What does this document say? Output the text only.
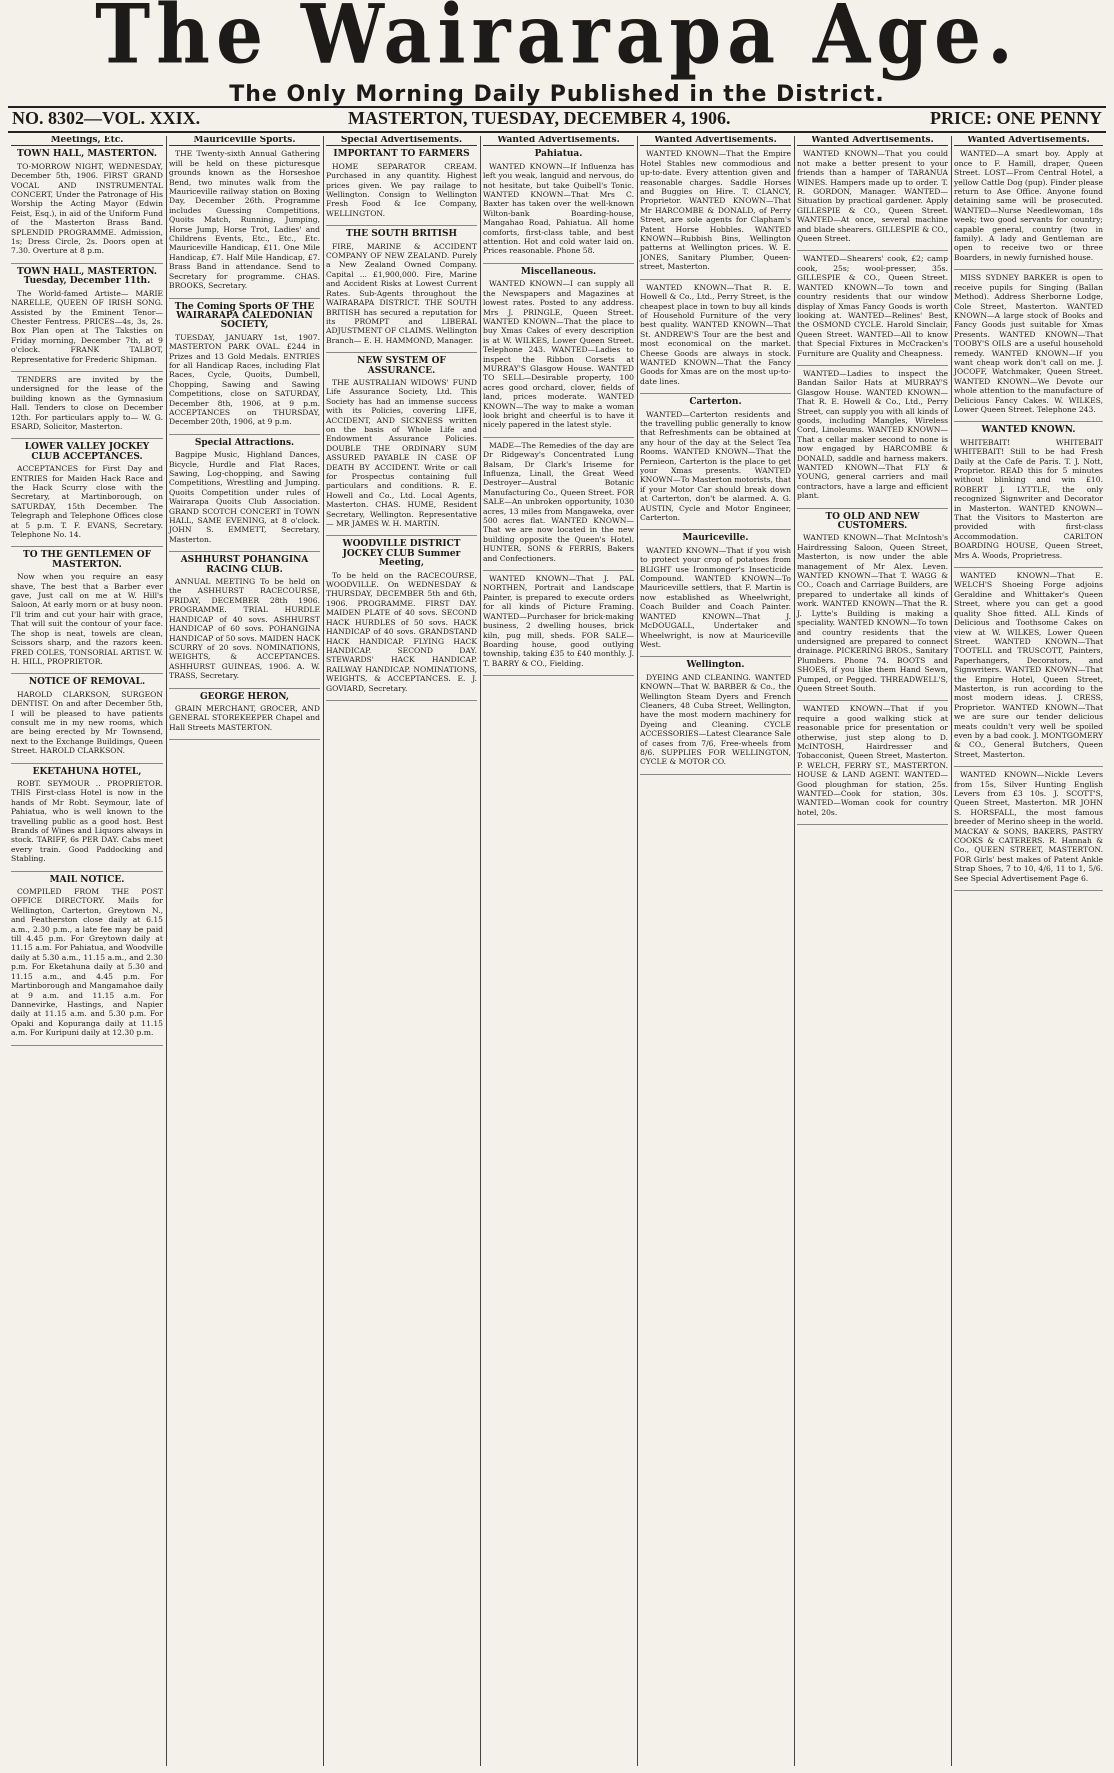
The Wairarapa Age.
The Only Morning Daily Published in the District.
NO. 8302—VOL. XXIX.	MASTERTON, TUESDAY, DECEMBER 4, 1906.	PRICE: ONE PENNY
Meetings, Etc.
TOWN HALL, MASTERTON.

TO-MORROW NIGHT, WEDNESDAY, December 5th, 1906. FIRST GRAND VOCAL AND INSTRUMENTAL CONCERT, Under the Patronage of His Worship the Acting Mayor (Edwin Feist, Esq.), in aid of the Uniform Fund of the Masterton Brass Band. SPLENDID PROGRAMME. Admission, 1s; Dress Circle, 2s. Doors open at 7.30. Overture at 8 p.m.

TOWN HALL, MASTERTON. Tuesday, December 11th.

The World-famed Artiste— MARIE NARELLE, QUEEN OF IRISH SONG. Assisted by the Eminent Tenor— Chester Fentress. PRICES—4s, 3s, 2s. Box Plan open at The Taksties on Friday morning, December 7th, at 9 o'clock. FRANK TALBOT, Representative for Frederic Shipman.

TENDERS are invited by the undersigned for the lease of the building known as the Gymnasium Hall. Tenders to close on December 12th. For particulars apply to— W. G. ESARD, Solicitor, Masterton.

LOWER VALLEY JOCKEY CLUB ACCEPTANCES.

ACCEPTANCES for First Day and ENTRIES for Maiden Hack Race and the Hack Scurry close with the Secretary, at Martinborough, on SATURDAY, 15th December. The Telegraph and Telephone Offices close at 5 p.m. T. F. EVANS, Secretary. Telephone No. 14.

TO THE GENTLEMEN OF MASTERTON.

Now when you require an easy shave, The best that a Barber ever gave, Just call on me at W. Hill's Saloon, At early morn or at busy noon. I'll trim and cut your hair with grace, That will suit the contour of your face. The shop is neat, towels are clean, Scissors sharp, and the razors keen. FRED COLES, TONSORIAL ARTIST. W. H. HILL, PROPRIETOR.

NOTICE OF REMOVAL.

HAROLD CLARKSON, SURGEON DENTIST. On and after December 5th, I will be pleased to have patients consult me in my new rooms, which are being erected by Mr Townsend, next to the Exchange Buildings, Queen Street. HAROLD CLARKSON.

EKETAHUNA HOTEL,

ROBT. SEYMOUR .. PROPRIETOR. THIS First-class Hotel is now in the hands of Mr Robt. Seymour, late of Pahiatua, who is well known to the travelling public as a good host. Best Brands of Wines and Liquors always in stock. TARIFF, 6s PER DAY. Cabs meet every train. Good Paddocking and Stabling.

MAIL NOTICE.

COMPILED FROM THE POST OFFICE DIRECTORY. Mails for Wellington, Carterton, Greytown N., and Featherston close daily at 6.15 a.m., 2.30 p.m., a late fee may be paid till 4.45 p.m. For Greytown daily at 11.15 a.m. For Pahiatua, and Woodville daily at 5.30 a.m., 11.15 a.m., and 2.30 p.m. For Eketahuna daily at 5.30 and 11.15 a.m., and 4.45 p.m. For Martinborough and Mangamahoe daily at 9 a.m. and 11.15 a.m. For Dannevirke, Hastings, and Napier daily at 11.15 a.m. and 5.30 p.m. For Opaki and Kopuranga daily at 11.15 a.m. For Kuripuni daily at 12.30 p.m.

Mauriceville Sports.

THE Twenty-sixth Annual Gathering will be held on these picturesque grounds known as the Horseshoe Bend, two minutes walk from the Mauriceville railway station on Boxing Day, December 26th. Programme includes Guessing Competitions, Quoits Match, Running, Jumping, Horse Jump, Horse Trot, Ladies' and Childrens Events, Etc., Etc., Etc. Mauriceville Handicap, £11. One Mile Handicap, £7. Half Mile Handicap, £7. Brass Band in attendance. Send to Secretary for programme. CHAS. BROOKS, Secretary.

The Coming Sports OF THE WAIRARAPA CALEDONIAN SOCIETY,

TUESDAY, JANUARY 1st, 1907. MASTERTON PARK OVAL. £244 in Prizes and 13 Gold Medals. ENTRIES for all Handicap Races, including Flat Races, Cycle, Quoits, Dumbell, Chopping, Sawing and Sawing Competitions, close on SATURDAY, December 8th, 1906, at 9 p.m. ACCEPTANCES on THURSDAY, December 20th, 1906, at 9 p.m.

Special Attractions.

Bagpipe Music, Highland Dances, Bicycle, Hurdle and Flat Races, Sawing, Log-chopping, and Sawing Competitions, Wrestling and Jumping. Quoits Competition under rules of Wairarapa Quoits Club Association. GRAND SCOTCH CONCERT in TOWN HALL, SAME EVENING, at 8 o'clock. JOHN S. EMMETT, Secretary, Masterton.

ASHHURST POHANGINA RACING CLUB.

ANNUAL MEETING To be held on the ASHHURST RACECOURSE, FRIDAY, DECEMBER 28th 1906. PROGRAMME. TRIAL HURDLE HANDICAP of 40 sovs. ASHHURST HANDICAP of 60 sovs. POHANGINA HANDICAP of 50 sovs. MAIDEN HACK SCURRY of 20 sovs. NOMINATIONS, WEIGHTS, & ACCEPTANCES. ASHHURST GUINEAS, 1906. A. W. TRASS, Secretary.

GEORGE HERON,

GRAIN MERCHANT, GROCER, AND GENERAL STOREKEEPER Chapel and Hall Streets MASTERTON.

Special Advertisements.
IMPORTANT TO FARMERS

HOME SEPARATOR CREAM. Purchased in any quantity. Highest prices given. We pay railage to Wellington. Consign to Wellington Fresh Food & Ice Company, WELLINGTON.

THE SOUTH BRITISH

FIRE, MARINE & ACCIDENT COMPANY OF NEW ZEALAND. Purely a New Zealand Owned Company. Capital ... £1,900,000. Fire, Marine and Accident Risks at Lowest Current Rates. Sub-Agents throughout the WAIRARAPA DISTRICT. THE SOUTH BRITISH has secured a reputation for its PROMPT and LIBERAL ADJUSTMENT OF CLAIMS. Wellington Branch— E. H. HAMMOND, Manager.

NEW SYSTEM OF ASSURANCE.

THE AUSTRALIAN WIDOWS' FUND Life Assurance Society, Ltd. This Society has had an immense success with its Policies, covering LIFE, ACCIDENT, AND SICKNESS written on the basis of Whole Life and Endowment Assurance Policies. DOUBLE THE ORDINARY SUM ASSURED PAYABLE IN CASE OF DEATH BY ACCIDENT. Write or call for Prospectus containing full particulars and conditions. R. E. Howell and Co., Ltd. Local Agents, Masterton. CHAS. HUME, Resident Secretary, Wellington. Representative— MR JAMES W. H. MARTIN.

WOODVILLE DISTRICT JOCKEY CLUB Summer Meeting,

To be held on the RACECOURSE, WOODVILLE. On WEDNESDAY & THURSDAY, DECEMBER 5th and 6th, 1906. PROGRAMME. FIRST DAY. MAIDEN PLATE of 40 sovs. SECOND HACK HURDLES of 50 sovs. HACK HANDICAP of 40 sovs. GRANDSTAND HACK HANDICAP. FLYING HACK HANDICAP. SECOND DAY. STEWARDS' HACK HANDICAP. RAILWAY HANDICAP. NOMINATIONS, WEIGHTS, & ACCEPTANCES. E. J. GOVIARD, Secretary.

Wanted Advertisements.
Pahiatua.

WANTED KNOWN—If Influenza has left you weak, languid and nervous, do not hesitate, but take Quibell's Tonic. WANTED KNOWN—That Mrs C. Baxter has taken over the well-known Wilton-bank Boarding-house, Mangahao Road, Pahiatua. All home comforts, first-class table, and best attention. Hot and cold water laid on. Prices reasonable. Phone 58.

Miscellaneous.

WANTED KNOWN—I can supply all the Newspapers and Magazines at lowest rates. Posted to any address. Mrs J. PRINGLE, Queen Street. WANTED KNOWN—That the place to buy Xmas Cakes of every description is at W. WILKES, Lower Queen Street. Telephone 243. WANTED—Ladies to inspect the Ribbon Corsets at MURRAY'S Glasgow House. WANTED TO SELL—Desirable property, 100 acres good orchard, clover, fields of land, prices moderate. WANTED KNOWN—The way to make a woman look bright and cheerful is to have it nicely papered in the latest style.

MADE—The Remedies of the day are Dr Ridgeway's Concentrated Lung Balsam, Dr Clark's Iriseme for Influenza, Linall, the Great Weed Destroyer—Austral Botanic Manufacturing Co., Queen Street. FOR SALE—An unbroken opportunity, 1030 acres, 13 miles from Mangaweka, over 500 acres flat. WANTED KNOWN—That we are now located in the new building opposite the Queen's Hotel. HUNTER, SONS & FERRIS, Bakers and Confectioners.

WANTED KNOWN—That J. PAL NORTHEN, Portrait and Landscape Painter, is prepared to execute orders for all kinds of Picture Framing. WANTED—Purchaser for brick-making business, 2 dwelling houses, brick kiln, pug mill, sheds. FOR SALE—Boarding house, good outlying township, taking £35 to £40 monthly. J. T. BARRY & CO., Fielding.

Wanted Advertisements.

WANTED KNOWN—That the Empire Hotel Stables new commodious and up-to-date. Every attention given and reasonable charges. Saddle Horses and Buggies on Hire. T. CLANCY, Proprietor. WANTED KNOWN—That Mr HARCOMBE & DONALD, of Perry Street, are sole agents for Clapham's Patent Horse Hobbles. WANTED KNOWN—Rubbish Bins, Wellington patterns at Wellington prices. W. E. JONES, Sanitary Plumber, Queen-street, Masterton.

WANTED KNOWN—That R. E. Howell & Co., Ltd., Perry Street, is the cheapest place in town to buy all kinds of Household Furniture of the very best quality. WANTED KNOWN—That St. ANDREW'S Tour are the best and most economical on the market. Cheese Goods are always in stock. WANTED KNOWN—That the Fancy Goods for Xmas are on the most up-to-date lines.

Carterton.

WANTED—Carterton residents and the travelling public generally to know that Refreshments can be obtained at any hour of the day at the Select Tea Rooms. WANTED KNOWN—That the Pernieon, Carterton is the place to get your Xmas presents. WANTED KNOWN—To Masterton motorists, that if your Motor Car should break down at Carterton, don't be alarmed. A. G. AUSTIN, Cycle and Motor Engineer, Carterton.

Mauriceville.

WANTED KNOWN—That if you wish to protect your crop of potatoes from BLIGHT use Ironmonger's Insecticide Compound. WANTED KNOWN—To Mauriceville settlers, that F. Martin is now established as Wheelwright, Coach Builder and Coach Painter. WANTED KNOWN—That J. McDOUGALL, Undertaker and Wheelwright, is now at Mauriceville West.

Wellington.

DYEING AND CLEANING. WANTED KNOWN—That W. BARBER & Co., the Wellington Steam Dyers and French Cleaners, 48 Cuba Street, Wellington, have the most modern machinery for Dyeing and Cleaning. CYCLE ACCESSORIES—Latest Clearance Sale of cases from 7/6, Free-wheels from 8/6. SUPPLIES FOR WELLINGTON, CYCLE & MOTOR CO.

Wanted Advertisements.

WANTED KNOWN—That you could not make a better present to your friends than a hamper of TARANUA WINES. Hampers made up to order. T. R. GORDON, Manager. WANTED—Situation by practical gardener. Apply GILLESPIE & CO., Queen Street. WANTED—At once, several machine and blade shearers. GILLESPIE & CO., Queen Street.

WANTED—Shearers' cook, £2; camp cook, 25s; wool-presser, 35s. GILLESPIE & CO., Queen Street. WANTED KNOWN—To town and country residents that our window display of Xmas Fancy Goods is worth looking at. WANTED—Relines' Best, the OSMOND CYCLE. Harold Sinclair, Queen Street. WANTED—All to know that Special Fixtures in McCracken's Furniture are Quality and Cheapness.

WANTED—Ladies to inspect the Bandan Sailor Hats at MURRAY'S Glasgow House. WANTED KNOWN—That R. E. Howell & Co., Ltd., Perry Street, can supply you with all kinds of goods, including Mangles, Wireless Cord, Linoleums. WANTED KNOWN—That a cellar maker second to none is now engaged by HARCOMBE & DONALD, saddle and harness makers. WANTED KNOWN—That FLY & YOUNG, general carriers and mail contractors, have a large and efficient plant.

TO OLD AND NEW CUSTOMERS.

WANTED KNOWN—That McIntosh's Hairdressing Saloon, Queen Street, Masterton, is now under the able management of Mr Alex. Leven. WANTED KNOWN—That T. WAGG & CO., Coach and Carriage Builders, are prepared to undertake all kinds of work. WANTED KNOWN—That the R. J. Lytte's Building is making a speciality. WANTED KNOWN—To town and country residents that the undersigned are prepared to connect drainage. PICKERING BROS., Sanitary Plumbers. Phone 74. BOOTS and SHOES, if you like them Hand Sewn, Pumped, or Pegged. THREADWELL'S, Queen Street South.

WANTED KNOWN—That if you require a good walking stick at reasonable price for presentation or otherwise, just step along to D. McINTOSH, Hairdresser and Tobacconist, Queen Street, Masterton. P. WELCH, FERRY ST., MASTERTON. HOUSE & LAND AGENT. WANTED—Good ploughman for station, 25s. WANTED—Cook for station, 30s. WANTED—Woman cook for country hotel, 20s.

Wanted Advertisements.

WANTED—A smart boy. Apply at once to F. Hamill, draper, Queen Street. LOST—From Central Hotel, a yellow Cattle Dog (pup). Finder please return to Ase Office. Anyone found detaining same will be prosecuted. WANTED—Nurse Needlewoman, 18s week; two good servants for country; capable general, country (two in family). A lady and Gentleman are open to receive two or three Boarders, in newly furnished house.

MISS SYDNEY BARKER is open to receive pupils for Singing (Ballan Method). Address Sherborne Lodge, Cole Street, Masterton. WANTED KNOWN—A large stock of Books and Fancy Goods just suitable for Xmas Presents. WANTED KNOWN—That TOOBY'S OILS are a useful household remedy. WANTED KNOWN—If you want cheap work don't call on me. J. JOCOFF, Watchmaker, Queen Street. WANTED KNOWN—We Devote our whole attention to the manufacture of Delicious Fancy Cakes. W. WILKES, Lower Queen Street. Telephone 243.

WANTED KNOWN.

WHITEBAIT! WHITEBAIT WHITEBAIT! Still to be had Fresh Daily at the Cafe de Paris. T. J. Nott, Proprietor. READ this for 5 minutes without blinking and win £10. ROBERT J. LYTTLE, the only recognized Signwriter and Decorator in Masterton. WANTED KNOWN—That the Visitors to Masterton are provided with first-class Accommodation. CARLTON BOARDING HOUSE, Queen Street, Mrs A. Woods, Proprietress.

WANTED KNOWN—That E. WELCH'S Shoeing Forge adjoins Geraldine and Whittaker's Queen Street, where you can get a good quality Shoe fitted. ALL Kinds of Delicious and Toothsome Cakes on view at W. WILKES, Lower Queen Street. WANTED KNOWN—That TOOTELL and TRUSCOTT, Painters, Paperhangers, Decorators, and Signwriters. WANTED KNOWN—That the Empire Hotel, Queen Street, Masterton, is run according to the most modern ideas. J. CRESS, Proprietor. WANTED KNOWN—That we are sure our tender delicious meats couldn't very well be spoiled even by a bad cook. J. MONTGOMERY & CO., General Butchers, Queen Street, Masterton.

WANTED KNOWN—Nickle Levers from 15s, Silver Hunting English Levers from £3 10s. J. SCOTT'S, Queen Street, Masterton. MR JOHN S. HORSFALL, the most famous breeder of Merino sheep in the world. MACKAY & SONS, BAKERS, PASTRY COOKS & CATERERS. R. Hannah & Co., QUEEN STREET, MASTERTON. FOR Girls' best makes of Patent Ankle Strap Shoes, 7 to 10, 4/6, 11 to 1, 5/6. See Special Advertisement Page 6.
